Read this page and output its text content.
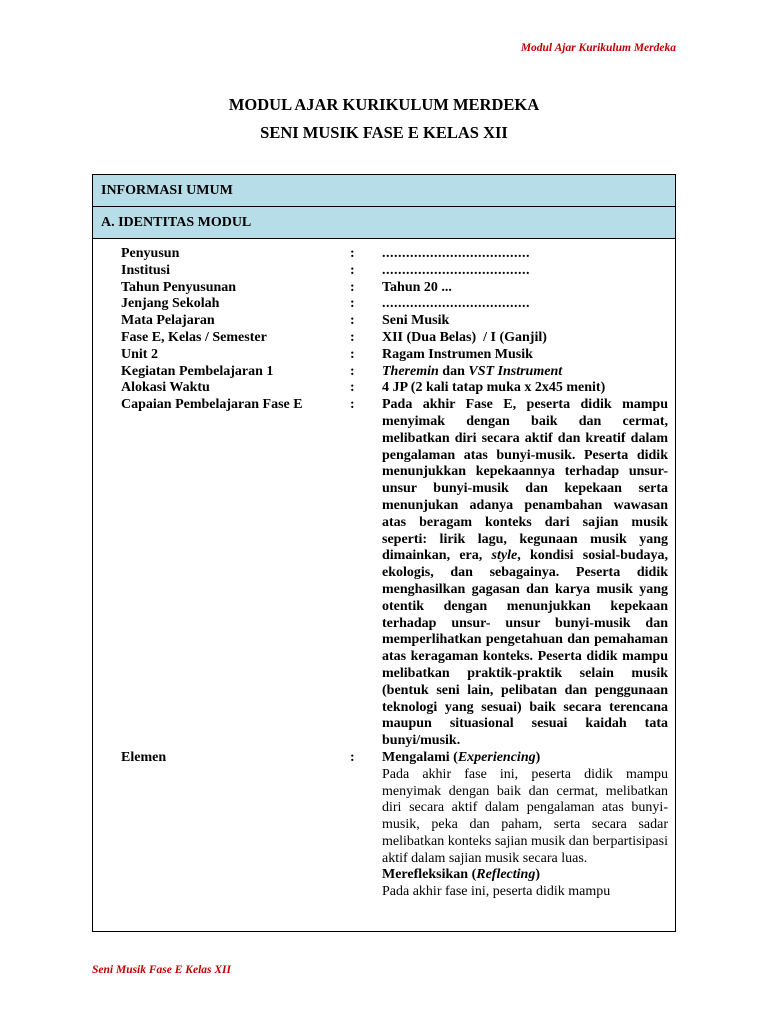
Modul Ajar Kurikulum Merdeka
MODUL AJAR KURIKULUM MERDEKA
SENI MUSIK FASE E KELAS XII
INFORMASI UMUM
A. IDENTITAS MODUL
Penyusun	:	.....................................
Institusi	:	.....................................
Tahun Penyusunan	:	Tahun 20 ...
Jenjang Sekolah	:	.....................................
Mata Pelajaran	:	Seni Musik
Fase E, Kelas / Semester	:	XII (Dua Belas)  / I (Ganjil)
Unit 2	:	Ragam Instrumen Musik
Kegiatan Pembelajaran 1	:	Theremin dan VST Instrument
Alokasi Waktu	:	4 JP (2 kali tatap muka x 2x45 menit)
Capaian Pembelajaran Fase E	:	Pada akhir Fase E, peserta didik mampu menyimak dengan baik dan cermat, melibatkan diri secara aktif dan kreatif dalam pengalaman atas bunyi-musik. Peserta didik menunjukkan kepekaannya terhadap unsur-unsur bunyi-musik dan kepekaan serta menunjukan adanya penambahan wawasan atas beragam konteks dari sajian musik seperti: lirik lagu, kegunaan musik yang dimainkan, era, style, kondisi sosial-budaya, ekologis, dan sebagainya. Peserta didik menghasilkan gagasan dan karya musik yang otentik dengan menunjukkan kepekaan terhadap unsur- unsur bunyi-musik dan memperlihatkan pengetahuan dan pemahaman atas keragaman konteks. Peserta didik mampu melibatkan praktik-praktik selain musik (bentuk seni lain, pelibatan dan penggunaan teknologi yang sesuai) baik secara terencana maupun situasional sesuai kaidah tata bunyi/musik.
Elemen	:	Mengalami (Experiencing)
Pada akhir fase ini, peserta didik mampu menyimak dengan baik dan cermat, melibatkan diri secara aktif dalam pengalaman atas bunyi- musik, peka dan paham, serta secara sadar melibatkan konteks sajian musik dan berpartisipasi aktif dalam sajian musik secara luas.
Merefleksikan (Reflecting)
Pada akhir fase ini, peserta didik mampu
Seni Musik Fase E Kelas XII
